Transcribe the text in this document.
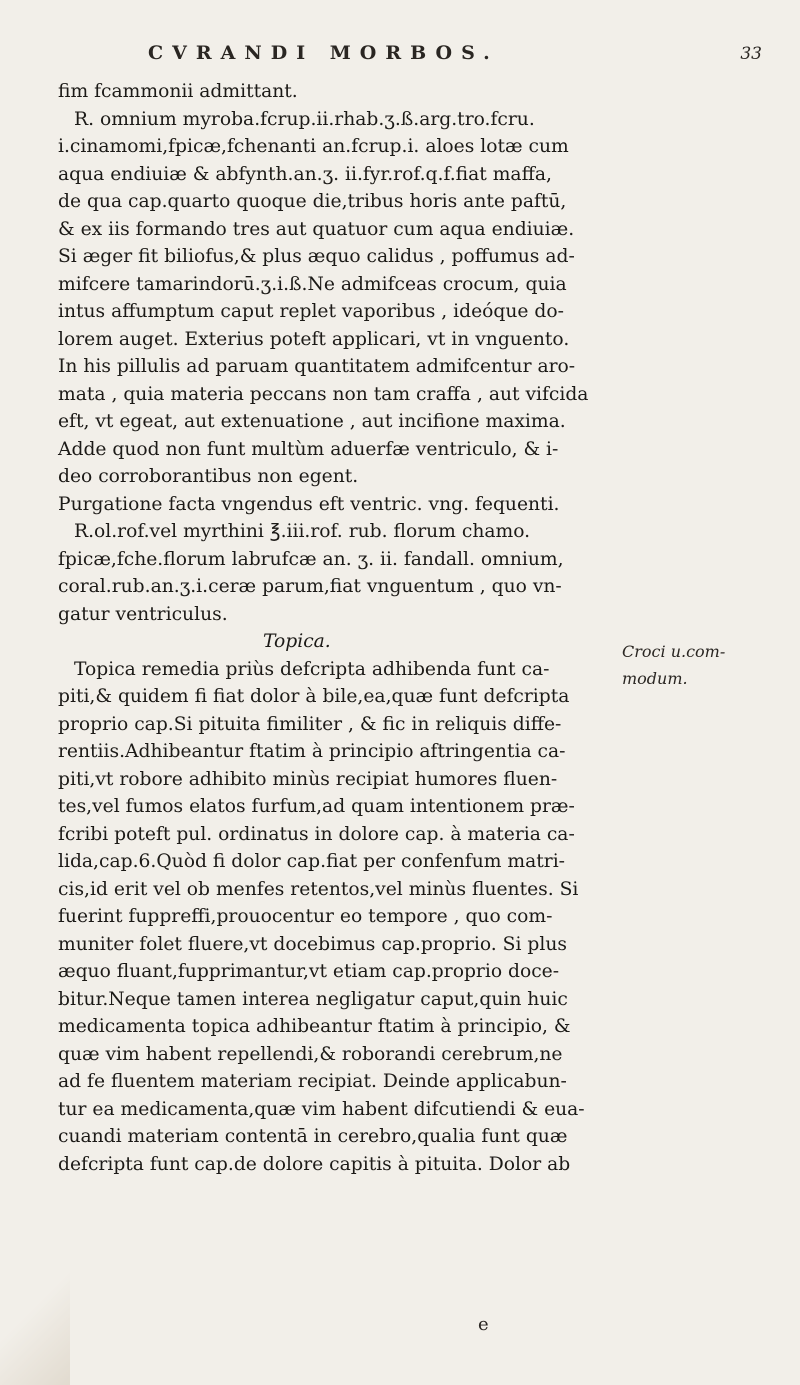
CVRANDI MORBOS.	33
fim fcammonii admittant.
R. omnium myroba.fcrup.ii.rhab.ʒ.ß.arg.tro.fcru.
i.cinamomi,fpicæ,fchenanti an.fcrup.i. aloes lotæ cum
aqua endiuiæ & abfynth.an.ʒ. ii.fyr.rof.q.f.fiat maffa,
de qua cap.quarto quoque die,tribus horis ante paftū,
& ex iis formando tres aut quatuor cum aqua endiuiæ.
Si æger fit biliofus,& plus æquo calidus , poffumus ad-
mifcere tamarindorū.ʒ.i.ß.Ne admifceas crocum, quia
intus affumptum caput replet vaporibus , ideóque do-
lorem auget. Exterius poteft applicari, vt in vnguento.
In his pillulis ad paruam quantitatem admifcentur aro-
mata , quia materia peccans non tam craffa , aut vifcida
eft, vt egeat, aut extenuatione , aut incifione maxima.
Adde quod non funt multùm aduerfæ ventriculo, & i-
deo corroborantibus non egent.
Purgatione facta vngendus eft ventric. vng. fequenti.
R.ol.rof.vel myrthini ℥.iii.rof. rub. florum chamo.
fpicæ,fche.florum labrufcæ an. ʒ. ii. fandall. omnium,
coral.rub.an.ʒ.i.ceræ parum,fiat vnguentum , quo vn-
gatur ventriculus.
Topica.
Topica remedia priùs defcripta adhibenda funt ca-
piti,& quidem fi fiat dolor à bile,ea,quæ funt defcripta
proprio cap.Si pituita fimiliter , & fic in reliquis diffe-
rentiis.Adhibeantur ftatim à principio aftringentia ca-
piti,vt robore adhibito minùs recipiat humores fluen-
tes,vel fumos elatos furfum,ad quam intentionem præ-
fcribi poteft pul. ordinatus in dolore cap. à materia ca-
lida,cap.6.Quòd fi dolor cap.fiat per confenfum matri-
cis,id erit vel ob menfes retentos,vel minùs fluentes. Si
fuerint fuppreffi,prouocentur eo tempore , quo com-
muniter folet fluere,vt docebimus cap.proprio. Si plus
æquo fluant,fupprimantur,vt etiam cap.proprio doce-
bitur.Neque tamen interea negligatur caput,quin huic
medicamenta topica adhibeantur ftatim à principio, &
quæ vim habent repellendi,& roborandi cerebrum,ne
ad fe fluentem materiam recipiat. Deinde applicabun-
tur ea medicamenta,quæ vim habent difcutiendi & eua-
cuandi materiam contentā in cerebro,qualia funt quæ
defcripta funt cap.de dolore capitis à pituita. Dolor ab
Croci u.com-
modum.
e
